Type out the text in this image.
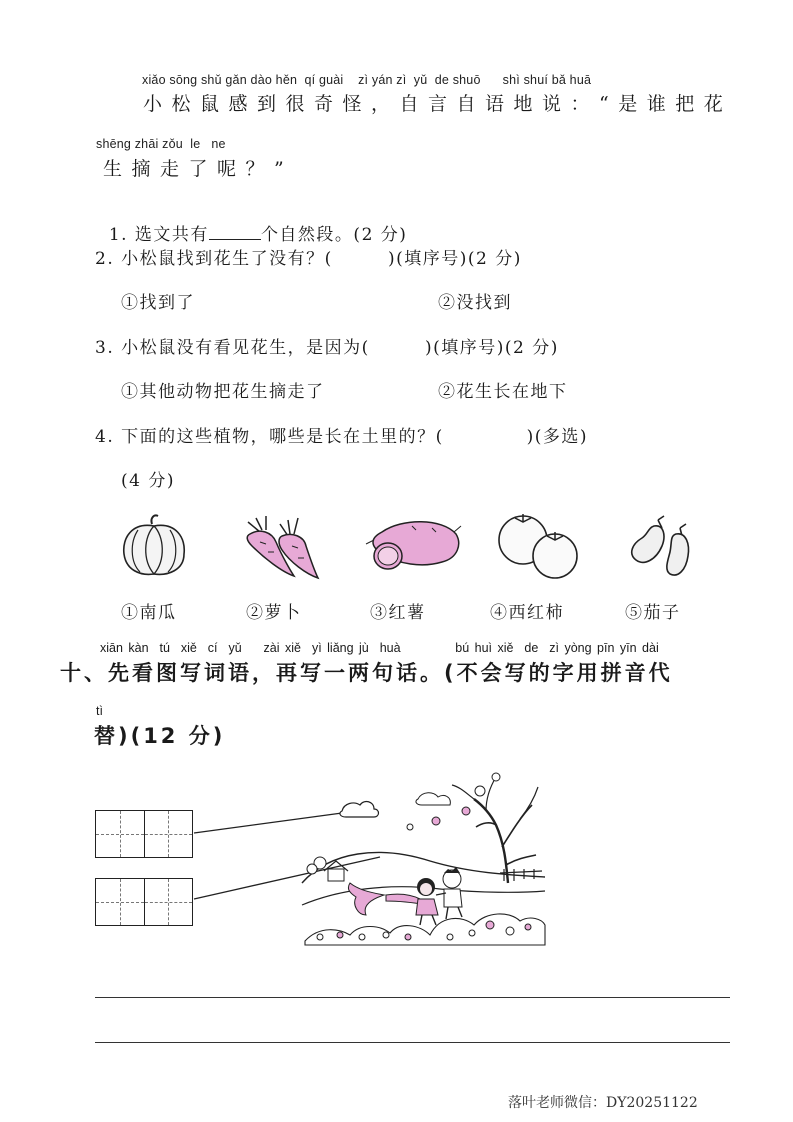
xiǎo sōng shǔ gǎn dào hěn  qí guài    zì yán zì  yǔ  de shuō      shì shuí bǎ huā
小松鼠感到很奇怪，自言自语地说：“是谁把花
shēng zhāi zǒu  le   ne
生摘走了呢？”

1. 选文共有	个自然段。(2 分)

2. 小松鼠找到花生了没有？(        )(填序号)(2 分)
①找到了	②没找到
3. 小松鼠没有看见花生，是因为(        )(填序号)(2 分)
①其他动物把花生摘走了	②花生长在地下
4. 下面的这些植物，哪些是长在土里的？(            )(多选)
(4 分)
①南瓜	②萝卜	③红薯	④西红柿	⑤茄子
xiān kàn  tú  xiě  cí  yǔ    zài xiě  yì liǎng jù  huà          bú huì xiě  de  zì yòng pīn yīn dài
十、先看图写词语，再写一两句话。(不会写的字用拼音代
tì
替)(12 分)
落叶老师微信：DY20251122
